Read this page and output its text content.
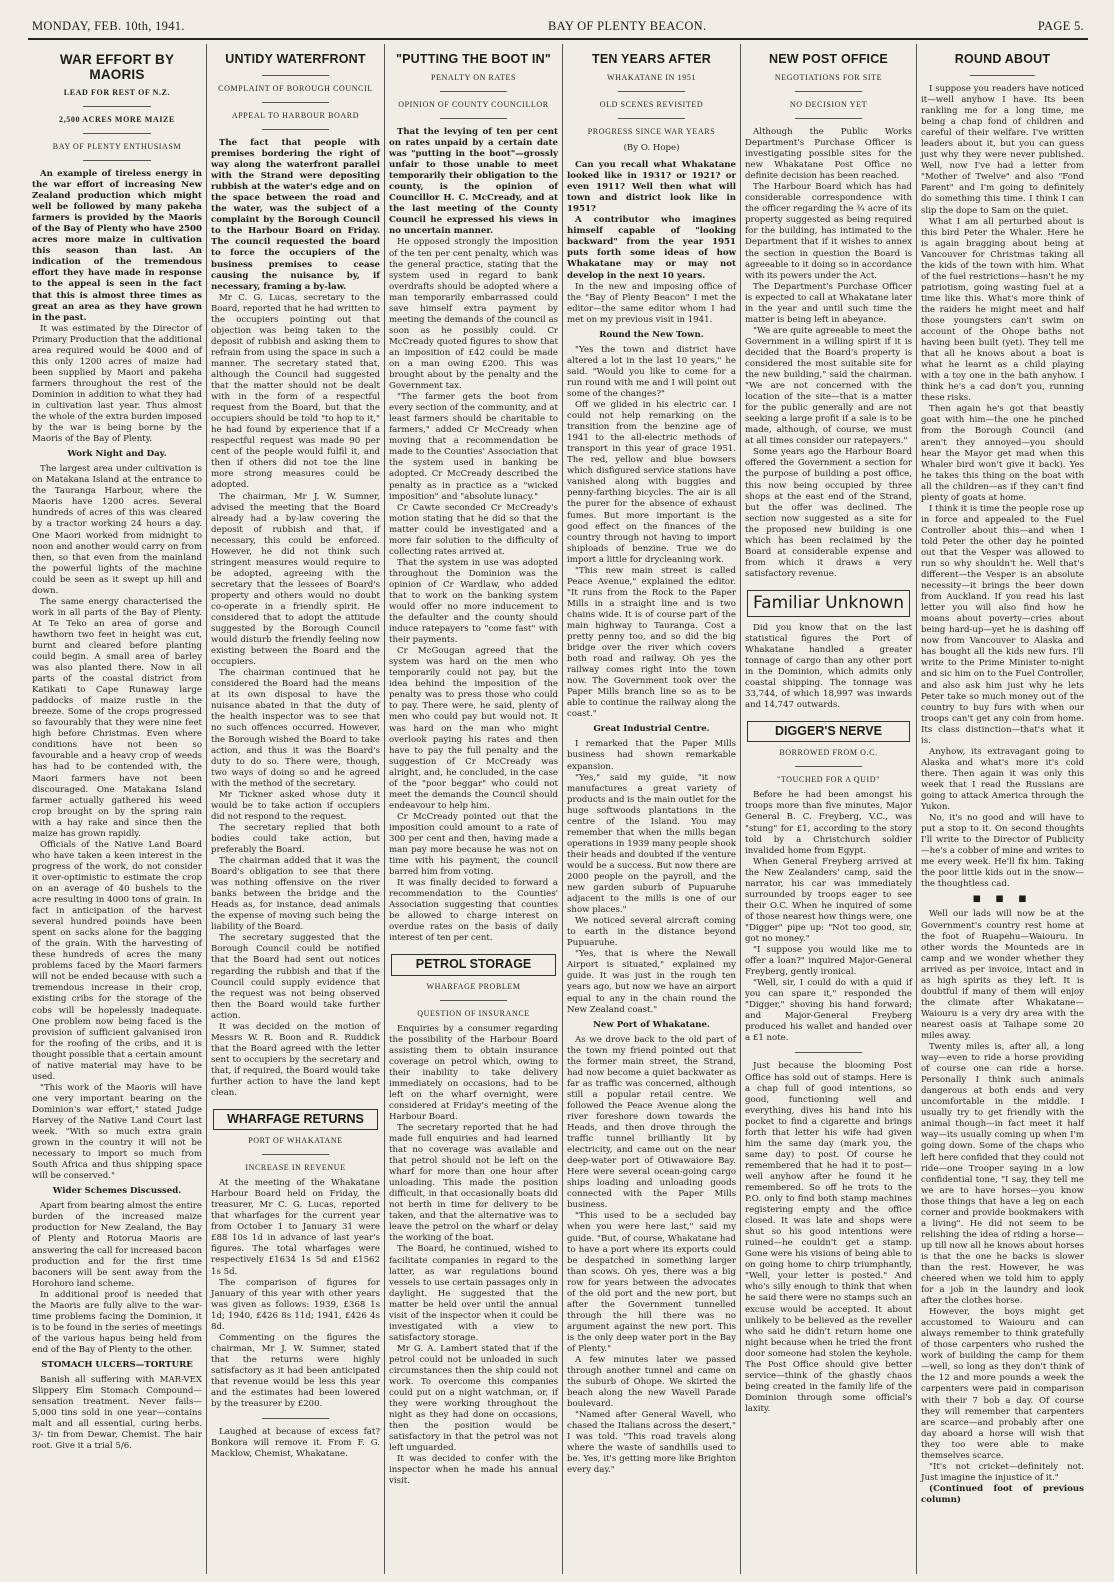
MONDAY, FEB. 10th, 1941.	BAY OF PLENTY BEACON.	PAGE 5.
WAR EFFORT BY MAORIS
LEAD FOR REST OF N.Z.
2,500 ACRES MORE MAIZE
BAY OF PLENTY ENTHUSIASM

An example of tireless energy in the war effort of increasing New Zealand production which might well be followed by many pakeha farmers is provided by the Maoris of the Bay of Plenty who have 2500 acres more maize in cultivation this season than last. An indication of the tremendous effort they have made in response to the appeal is seen in the fact that this is almost three times as great an area as they have grown in the past.

It was estimated by the Director of Primary Production that the additional area required would be 4000 and of this only 1200 acres of maize had been supplied by Maori and pakeha farmers throughout the rest of the Dominion in addition to what they had in cultivation last year. Thus almost the whole of the extra burden imposed by the war is being borne by the Maoris of the Bay of Plenty.

Work Night and Day.

The largest area under cultivation is on Matakana Island at the entrance to the Tauranga Harbour, where the Maoris have 1200 acres. Several hundreds of acres of this was cleared by a tractor working 24 hours a day. One Maori worked from midnight to noon and another would carry on from then, so that even from the mainland the powerful lights of the machine could be seen as it swept up hill and down.

The same energy characterised the work in all parts of the Bay of Plenty. At Te Teko an area of gorse and hawthorn two feet in height was cut, burnt and cleared before planting could begin. A small area of barley was also planted there. Now in all parts of the coastal district from Katikati to Cape Runaway large paddocks of maize rustle in the breeze. Some of the crops progressed so favourably that they were nine feet high before Christmas. Even where conditions have not been so favourable and a heavy crop of weeds has had to be contended with, the Maori farmers have not been discouraged. One Matakana Island farmer actually gathered his weed crop brought on by the spring rain with a hay rake and since then the maize has grown rapidly.

Officials of the Native Land Board who have taken a keen interest in the progress of the work, do not consider it over-optimistic to estimate the crop on an average of 40 bushels to the acre resulting in 4000 tons of grain. In fact in anticipation of the harvest several hundred pounds have been spent on sacks alone for the bagging of the grain. With the harvesting of these hundreds of acres the many problems faced by the Maori farmers will not be ended because with such a tremendous increase in their crop, existing cribs for the storage of the cobs will be hopelessly inadequate. One problem now being faced is the provision of sufficient galvanised iron for the roofing of the cribs, and it is thought possible that a certain amount of native material may have to be used.

"This work of the Maoris will have one very important bearing on the Dominion's war effort," stated Judge Harvey of the Native Land Court last week. "With so much extra grain grown in the country it will not be necessary to import so much from South Africa and thus shipping space will be conserved."

Wider Schemes Discussed.

Apart from bearing almost the entire burden of the increased maize production for New Zealand, the Bay of Plenty and Rotorua Maoris are answering the call for increased bacon production and for the first time baconers will be sent away from the Horohoro land scheme.

In additional proof is needed that the Maoris are fully alive to the war-time problems facing the Dominion, it is to be found in the series of meetings of the various hapus being held from end of the Bay of Plenty to the other.

STOMACH ULCERS—TORTURE

Banish all suffering with MAR-VEX Slippery Elm Stomach Compound—sensation treatment. Never fails—5,000 tins sold in one year—contains malt and all essential, curing herbs. 3/- tin from Dewar, Chemist. The hair root. Give it a trial 5/6.

UNTIDY WATERFRONT
COMPLAINT OF BOROUGH COUNCIL
APPEAL TO HARBOUR BOARD

The fact that people with premises bordering the right of way along the waterfront parallel with the Strand were depositing rubbish at the water's edge and on the space between the road and the water, was the subject of a complaint by the Borough Council to the Harbour Board on Friday. The council requested the board to force the occupiers of the business premises to cease causing the nuisance by, if necessary, framing a by-law.

Mr C. G. Lucas, secretary to the Board, reported that he had written to the occupiers pointing out that objection was being taken to the deposit of rubbish and asking them to refrain from using the space in such a manner. The secretary stated that, although the Council had suggested that the matter should not be dealt with in the form of a respectful request from the Board, but that the occupiers should be told "to hop to it," he had found by experience that if a respectful request was made 90 per cent of the people would fulfil it, and then if others did not toe the line more strong measures could be adopted.

The chairman, Mr J. W. Sumner, advised the meeting that the Board already had a by-law covering the deposit of rubbish and that, if necessary, this could be enforced. However, he did not think such stringent measures would require to be adopted, agreeing with the secretary that the lessees of Board's property and others would no doubt co-operate in a friendly spirit. He considered that to adopt the attitude suggested by the Borough Council would disturb the friendly feeling now existing between the Board and the occupiers.

The chairman continued that he considered the Board had the means at its own disposal to have the nuisance abated in that the duty of the health inspector was to see that no such offences occurred. However, the Borough wished the Board to take action, and thus it was the Board's duty to do so. There were, though, two ways of doing so and he agreed with the method of the secretary.

Mr Tickner asked whose duty it would be to take action if occupiers did not respond to the request.

The secretary replied that both bodies could take action, but preferably the Board.

The chairman added that it was the Board's obligation to see that there was nothing offensive on the river banks between the bridge and the Heads as, for instance, dead animals the expense of moving such being the liability of the Board.

The secretary suggested that the Borough Council could be notified that the Board had sent out notices regarding the rubbish and that if the Council could supply evidence that the request was not being observed then the Board would take further action.

It was decided on the motion of Messrs W. R. Boon and R. Ruddick that the Board agreed with the letter sent to occupiers by the secretary and that, if required, the Board would take further action to have the land kept clean.

WHARFAGE RETURNS
PORT OF WHAKATANE
INCREASE IN REVENUE

At the meeting of the Whakatane Harbour Board held on Friday, the treasurer, Mr C. G. Lucas, reported that wharfages for the current year from October 1 to January 31 were £88 10s 1d in advance of last year's figures. The total wharfages were respectively £1634 1s 5d and £1562 1s 5d.

The comparison of figures for January of this year with other years was given as follows: 1939, £368 1s 1d; 1940, £426 8s 11d; 1941, £426 4s 8d.

Commenting on the figures the chairman, Mr J. W. Sumner, stated that the returns were highly satisfactory as it had been anticipated that revenue would be less this year and the estimates had been lowered by the treasurer by £200.

Laughed at because of excess fat? Bonkora will remove it. From F. G. Macklow, Chemist, Whakatane.

"PUTTING THE BOOT IN"
PENALTY ON RATES
OPINION OF COUNTY COUNCILLOR

That the levying of ten per cent on rates unpaid by a certain date was "putting in the boot"—grossly unfair to those unable to meet temporarily their obligation to the county, is the opinion of Councillor H. C. McCready, and at the last meeting of the County Council he expressed his views in no uncertain manner.

He opposed strongly the imposition of the ten per cent penalty, which was the general practice, stating that the system used in regard to bank overdrafts should be adopted where a man temporarily embarrassed could save himself extra payment by meeting the demands of the council as soon as he possibly could. Cr McCready quoted figures to show that an imposition of £42 could be made on a man owing £200. This was brought about by the penalty and the Government tax.

"The farmer gets the boot from every section of the community, and at least farmers should be charitable to farmers," added Cr McCready when moving that a recommendation be made to the Counties' Association that the system used in banking be adopted. Cr McCready described the penalty as in practice as a "wicked imposition" and "absolute lunacy."

Cr Cawte seconded Cr McCready's motion stating that he did so that the matter could be investigated and a more fair solution to the difficulty of collecting rates arrived at.

That the system in use was adopted throughout the Dominion was the opinion of Cr Wardlaw, who added that to work on the banking system would offer no more inducement to the defaulter and the county should induce ratepayers to "come fast" with their payments.

Cr McGougan agreed that the system was hard on the men who temporarily could not pay, but the idea behind the imposition of the penalty was to press those who could to pay. There were, he said, plenty of men who could pay but would not. It was hard on the man who might overlook paying his rates and then have to pay the full penalty and the suggestion of Cr McCready was alright, and, he concluded, in the case of the "poor beggar" who could not meet the demands the Council should endeavour to help him.

Cr McCready pointed out that the imposition could amount to a rate of 300 per cent and then, having made a man pay more because he was not on time with his payment, the council barred him from voting.

It was finally decided to forward a recommendation to the Counties' Association suggesting that counties be allowed to charge interest on overdue rates on the basis of daily interest of ten per cent.

PETROL STORAGE
WHARFAGE PROBLEM
QUESTION OF INSURANCE

Enquiries by a consumer regarding the possibility of the Harbour Board assisting them to obtain insurance coverage on petrol which, owing to their inability to take delivery immediately on occasions, had to be left on the wharf overnight, were considered at Friday's meeting of the Harbour Board.

The secretary reported that he had made full enquiries and had learned that no coverage was available and that petrol should not be left on the wharf for more than one hour after unloading. This made the position difficult, in that occasionally boats did not berth in time for delivery to be taken, and that the alternative was to leave the petrol on the wharf or delay the working of the boat.

The Board, he continued, wished to facilitate companies in regard to the latter, as war regulations bound vessels to use certain passages only in daylight. He suggested that the matter be held over until the annual visit of the inspector when it could be investigated with a view to satisfactory storage.

Mr G. A. Lambert stated that if the petrol could not be unloaded in such circumstances then the ship could not work. To overcome this companies could put on a night watchman, or, if they were working throughout the night as they had done on occasions, then the position would be satisfactory in that the petrol was not left unguarded.

It was decided to confer with the inspector when he made his annual visit.

TEN YEARS AFTER
WHAKATANE IN 1951
OLD SCENES REVISITED
PROGRESS SINCE WAR YEARS
(By O. Hope)

Can you recall what Whakatane looked like in 1931? or 1921? or even 1911? Well then what will town and district look like in 1951?

A contributor who imagines himself capable of "looking backward" from the year 1951 puts forth some ideas of how Whakatane may or may not develop in the next 10 years.

In the new and imposing office of the "Bay of Plenty Beacon" I met the editor—the same editor whom I had met on my previous visit in 1941.

Round the New Town.

"Yes the town and district have altered a lot in the last 10 years," he said. "Would you like to come for a run round with me and I will point out some of the changes?"

Off we glided in his electric car. I could not help remarking on the transition from the benzine age of 1941 to the all-electric methods of transport in this year of grace 1951. The red, yellow and blue bowsers which disfigured service stations have vanished along with buggies and penny-farthing bicycles. The air is all the purer for the absence of exhaust fumes. But more important is the good effect on the finances of the country through not having to import shiploads of benzine. True we do import a little for drycleaning work.

"This new main street is called Peace Avenue," explained the editor. "It runs from the Rock to the Paper Mills in a straight line and is two chains wide. It is of course part of the main highway to Tauranga. Cost a pretty penny too, and so did the big bridge over the river which covers both road and railway. Oh yes the railway comes right into the town now. The Government took over the Paper Mills branch line so as to be able to continue the railway along the coast."

Great Industrial Centre.

I remarked that the Paper Mills business had shown remarkable expansion.

"Yes," said my guide, "it now manufactures a great variety of products and is the main outlet for the huge softwoods plantations in the centre of the Island. You may remember that when the mills began operations in 1939 many people shook their heads and doubted if the venture would be a success. But now there are 2000 people on the payroll, and the new garden suburb of Pupuaruhe adjacent to the mills is one of our show places."

We noticed several aircraft coming to earth in the distance beyond Pupuaruhe.

"Yes, that is where the Newall Airport is situated," explained my guide. It was just in the rough ten years ago, but now we have an airport equal to any in the chain round the New Zealand coast."

New Port of Whakatane.

As we drove back to the old part of the town my friend pointed out that the former main street, the Strand, had now become a quiet backwater as far as traffic was concerned, although still a popular retail centre. We followed the Peace Avenue along the river foreshore down towards the Heads, and then drove through the traffic tunnel brilliantly lit by electricity, and came out on the near deep-water port of Otiwawaiore Bay. Here were several ocean-going cargo ships loading and unloading goods connected with the Paper Mills business.

"This used to be a secluded bay when you were here last," said my guide. "But, of course, Whakatane had to have a port where its exports could be despatched in something larger than scows. Oh yes, there was a big row for years between the advocates of the old port and the new port, but after the Government tunnelled through the hill there was no argument against the new port. This is the only deep water port in the Bay of Plenty."

A few minutes later we passed through another tunnel and came on the suburb of Ohope. We skirted the beach along the new Wavell Parade boulevard.

"Named after General Wavell, who chased the Italians across the desert," I was told. "This road travels along where the waste of sandhills used to be. Yes, it's getting more like Brighton every day."

NEW POST OFFICE
NEGOTIATIONS FOR SITE
NO DECISION YET

Although the Public Works Department's Purchase Officer is investigating possible sites for the new Whakatane Post Office no definite decision has been reached.

The Harbour Board which has had considerable correspondence with the officer regarding the ¾ acre of its property suggested as being required for the building, has intimated to the Department that if it wishes to annex the section in question the Board is agreeable to it doing so in accordance with its powers under the Act.

The Department's Purchase Officer is expected to call at Whakatane later in the year and until such time the matter is being left in abeyance.

"We are quite agreeable to meet the Government in a willing spirit if it is decided that the Board's property is considered the most suitable site for the new building," said the chairman. "We are not concerned with the location of the site—that is a matter for the public generally and are not seeking a large profit if a sale is to be made, although, of course, we must at all times consider our ratepayers."

Some years ago the Harbour Board offered the Government a section for the purpose of building a post office, this now being occupied by three shops at the east end of the Strand, but the offer was declined. The section now suggested as a site for the proposed new building is one which has been reclaimed by the Board at considerable expense and from which it draws a very satisfactory revenue.

Familiar Unknown

Did you know that on the last statistical figures the Port of Whakatane handled a greater tonnage of cargo than any other port in the Dominion, which admits only coastal shipping. The tonnage was 33,744, of which 18,997 was inwards and 14,747 outwards.

DIGGER'S NERVE
BORROWED FROM O.C.
"TOUCHED FOR A QUID"

Before he had been amongst his troops more than five minutes, Major General B. C. Freyberg, V.C., was "stung" for £1, according to the story told by a Christchurch soldier invalided home from Egypt.

When General Freyberg arrived at the New Zealanders' camp, said the narrator, his car was immediately surrounded by troops eager to see their O.C. When he inquired of some of those nearest how things were, one "Digger" pipe up: "Not too good, sir, got no money."

"I suppose you would like me to offer a loan?" inquired Major-General Freyberg, gently ironical.

"Well, sir, I could do with a quid if you can spare it," responded the "Digger," shoving his hand forward; and Major-General Freyberg produced his wallet and handed over a £1 note.

Just because the blooming Post Office has sold out of stamps. Here is a chap full of good intentions, so good, functioning well and everything, dives his hand into his pocket to find a cigarette and brings forth that letter his wife had given him the same day (mark you, the same day) to post. Of course he remembered that he had it to post—well anyhow after he found it he remembered. So off he trots to the P.O. only to find both stamp machines registering empty and the office closed. It was late and shops were shut so his good intentions were ruined—he couldn't get a stamp. Gone were his visions of being able to on going home to chirp triumphantly, "Well, your letter is posted." And who's silly enough to think that when he said there were no stamps such an excuse would be accepted. It about unlikely to be believed as the reveller who said he didn't return home one night because when he tried the front door someone had stolen the keyhole. The Post Office should give better service—think of the ghastly chaos being created in the family life of the Dominion through some official's laxity.

ROUND ABOUT

I suppose you readers have noticed it—well anyhow I have. Its been rankling me for a long time, me being a chap fond of children and careful of their welfare. I've written leaders about it, but you can guess just why they were never published. Well, now I've had a letter from "Mother of Twelve" and also "Fond Parent" and I'm going to definitely do something this time. I think I can slip the dope to Sam on the quiet.

What I am all perturbed about is this bird Peter the Whaler. Here he is again bragging about being at Vancouver for Christmas taking all the kids of the town with him. What of the fuel restrictions—hasn't he my patriotism, going wasting fuel at a time like this. What's more think of the raiders he might meet and half those youngsters can't swim on account of the Ohope baths not having been built (yet). They tell me that all he knows about a boat is what he learnt as a child playing with a toy one in the bath anyhow. I think he's a cad don't you, running these risks.

Then again he's got that beastly goat with him—the one he pinched from the Borough Council (and aren't they annoyed—you should hear the Mayor get mad when this Whaler bird won't give it back). Yes he takes this thing on the boat with all the children—as if they can't find plenty of goats at home.

I think it is time the people rose up in force and appealed to the Fuel Controller about this—and when I told Peter the other day he pointed out that the Vesper was allowed to run so why shouldn't he. Well that's different—the Vesper is an absolute necessity—it brings the beer down from Auckland. If you read his last letter you will also find how he moans about poverty—cries about being hard-up—yet he is dashing off now from Vancouver to Alaska and has bought all the kids new furs. I'll write to the Prime Minister to-night and sic him on to the Fuel Controller, and also ask him just why he lets Peter take so much money out of the country to buy furs with when our troops can't get any coin from home. Its class distinction—that's what it is.

Anyhow, its extravagant going to Alaska and what's more it's cold there. Then again it was only this week that I read the Russians are going to attack America through the Yukon.

No, it's no good and will have to put a stop to it. On second thoughts I'll write to the Director of Publicity—he's a cobber of mine and writes to me every week. He'll fix him. Taking the poor little kids out in the snow—the thoughtless cad.

■ ■ ■

Well our lads will now be at the Government's country rest home at the foot of Ruapehu—Waiouru. In other words the Mounteds are in camp and we wonder whether they arrived as per invoice, intact and in as high spirits as they left. It is doubtful if many of them will enjoy the climate after Whakatane—Waiouru is a very dry area with the nearest oasis at Taihape some 20 miles away.

Twenty miles is, after all, a long way—even to ride a horse providing of course one can ride a horse. Personally I think such animals dangerous at both ends and very uncomfortable in the middle. I usually try to get friendly with the animal though—in fact meet it half way—its usually coming up when I'm going down. Some of the chaps who left here confided that they could not ride—one Trooper saying in a low confidential tone, "I say, they tell me we are to have horses—you know those things that have a leg on each corner and provide bookmakers with a living". He did not seem to be relishing the idea of riding a horse—up till now all he knows about horses is that the one he backs is slower than the rest. However, he was cheered when we told him to apply for a job in the laundry and look after the clothes horse.

However, the boys might get accustomed to Waiouru and can always remember to think gratefully of those carpenters who rushed the work of building the camp for them —well, so long as they don't think of the 12 and more pounds a week the carpenters were paid in comparison with their 7 bob a day. Of course they will remember that carpenters are scarce—and probably after one day aboard a horse will wish that they too were able to make themselves scarce.

"It's not cricket—definitely not. Just imagine the injustice of it."

(Continued foot of previous column)
